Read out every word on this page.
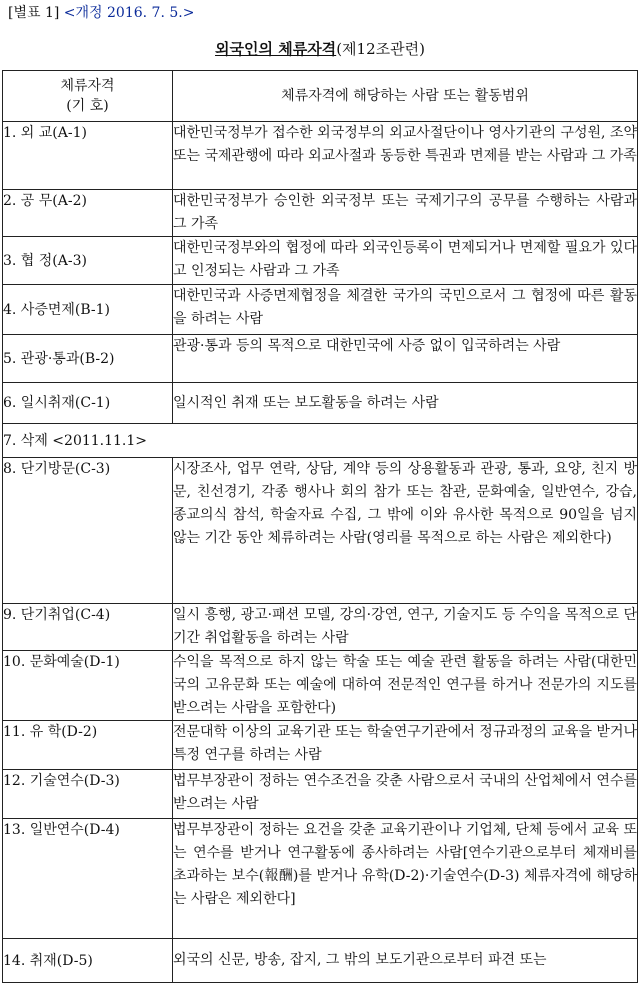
[별표 1] <개정 2016. 7. 5.>
외국인의 체류자격(제12조관련)
체류자격
(기 호)	체류자격에 해당하는 사람 또는 활동범위
1. 외 교(A-1)	대한민국정부가 접수한 외국정부의 외교사절단이나 영사기관의 구성원, 조약 또는 국제관행에 따라 외교사절과 동등한 특권과 면제를 받는 사람과 그 가족
2. 공 무(A-2)	대한민국정부가 승인한 외국정부 또는 국제기구의 공무를 수행하는 사람과 그 가족
3. 협 정(A-3)	대한민국정부와의 협정에 따라 외국인등록이 면제되거나 면제할 필요가 있다고 인정되는 사람과 그 가족
4. 사증면제(B-1)	대한민국과 사증면제협정을 체결한 국가의 국민으로서 그 협정에 따른 활동을 하려는 사람
5. 관광·통과(B-2)	관광·통과 등의 목적으로 대한민국에 사증 없이 입국하려는 사람
6. 일시취재(C-1)	일시적인 취재 또는 보도활동을 하려는 사람
7. 삭제 <2011.11.1>	
8. 단기방문(C-3)	시장조사, 업무 연락, 상담, 계약 등의 상용활동과 관광, 통과, 요양, 친지 방문, 친선경기, 각종 행사나 회의 참가 또는 참관, 문화예술, 일반연수, 강습, 종교의식 참석, 학술자료 수집, 그 밖에 이와 유사한 목적으로 90일을 넘지 않는 기간 동안 체류하려는 사람(영리를 목적으로 하는 사람은 제외한다)
9. 단기취업(C-4)	일시 흥행, 광고·패션 모델, 강의·강연, 연구, 기술지도 등 수익을 목적으로 단기간 취업활동을 하려는 사람
10. 문화예술(D-1)	수익을 목적으로 하지 않는 학술 또는 예술 관련 활동을 하려는 사람(대한민국의 고유문화 또는 예술에 대하여 전문적인 연구를 하거나 전문가의 지도를 받으려는 사람을 포함한다)
11. 유 학(D-2)	전문대학 이상의 교육기관 또는 학술연구기관에서 정규과정의 교육을 받거나 특정 연구를 하려는 사람
12. 기술연수(D-3)	법무부장관이 정하는 연수조건을 갖춘 사람으로서 국내의 산업체에서 연수를 받으려는 사람
13. 일반연수(D-4)	법무부장관이 정하는 요건을 갖춘 교육기관이나 기업체, 단체 등에서 교육 또는 연수를 받거나 연구활동에 종사하려는 사람[연수기관으로부터 체재비를 초과하는 보수(報酬)를 받거나 유학(D-2)·기술연수(D-3) 체류자격에 해당하는 사람은 제외한다]
14. 취재(D-5)	외국의 신문, 방송, 잡지, 그 밖의 보도기관으로부터 파견 또는
